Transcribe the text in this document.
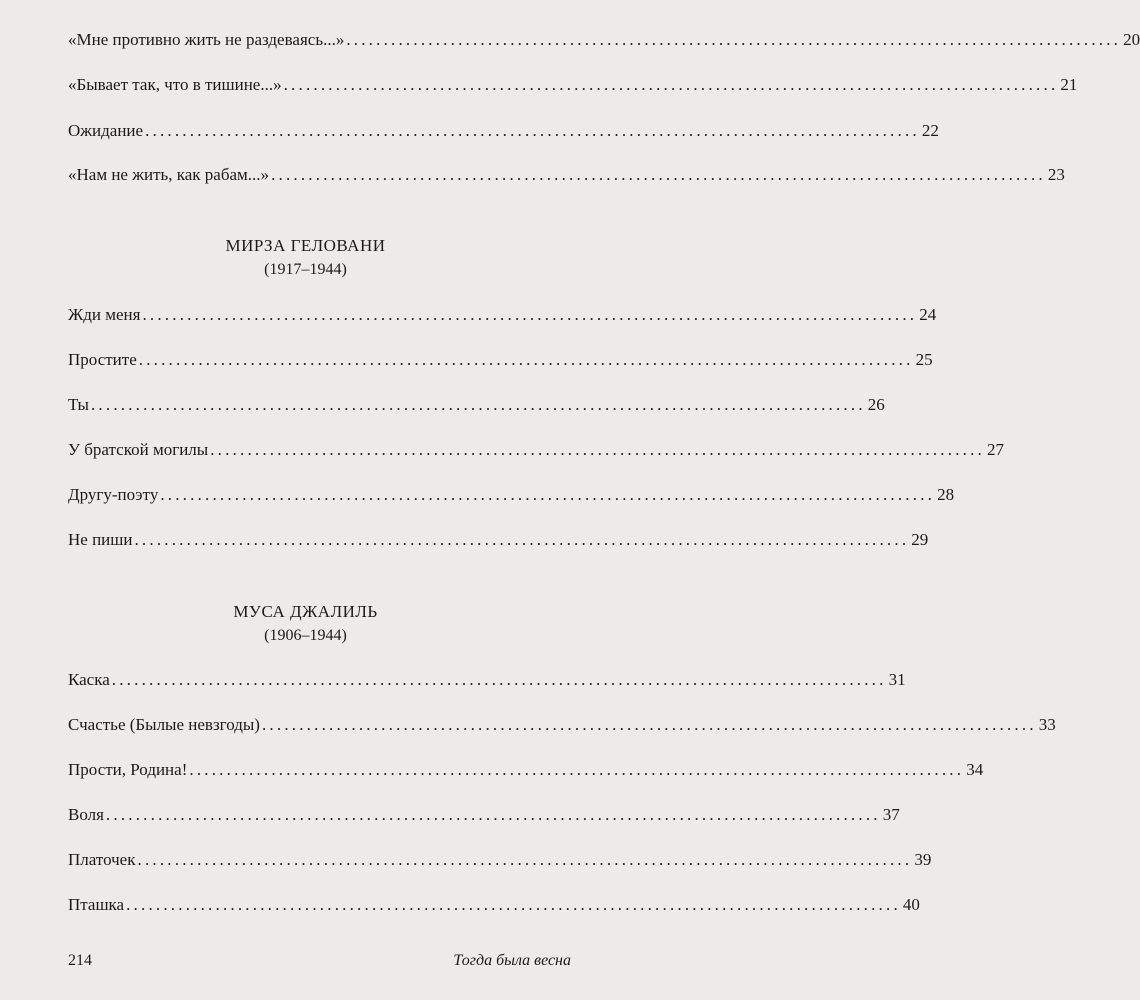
«Мне противно жить не раздеваясь...» ........................................................................................................ 20
«Бывает так, что в тишине...» ........................................................................................................ 21
Ожидание ........................................................................................................ 22
«Нам не жить, как рабам...» ........................................................................................................ 23
МИРЗА ГЕЛОВАНИ
(1917–1944)
Жди меня ........................................................................................................ 24
Простите ........................................................................................................ 25
Ты ........................................................................................................ 26
У братской могилы ........................................................................................................ 27
Другу-поэту ........................................................................................................ 28
Не пиши ........................................................................................................ 29
МУСА ДЖАЛИЛЬ
(1906–1944)
Каска ........................................................................................................ 31
Счастье (Былые невзгоды) ........................................................................................................ 33
Прости, Родина! ........................................................................................................ 34
Воля ........................................................................................................ 37
Платочек ........................................................................................................ 39
Пташка ........................................................................................................ 40
214	Тогда была весна
